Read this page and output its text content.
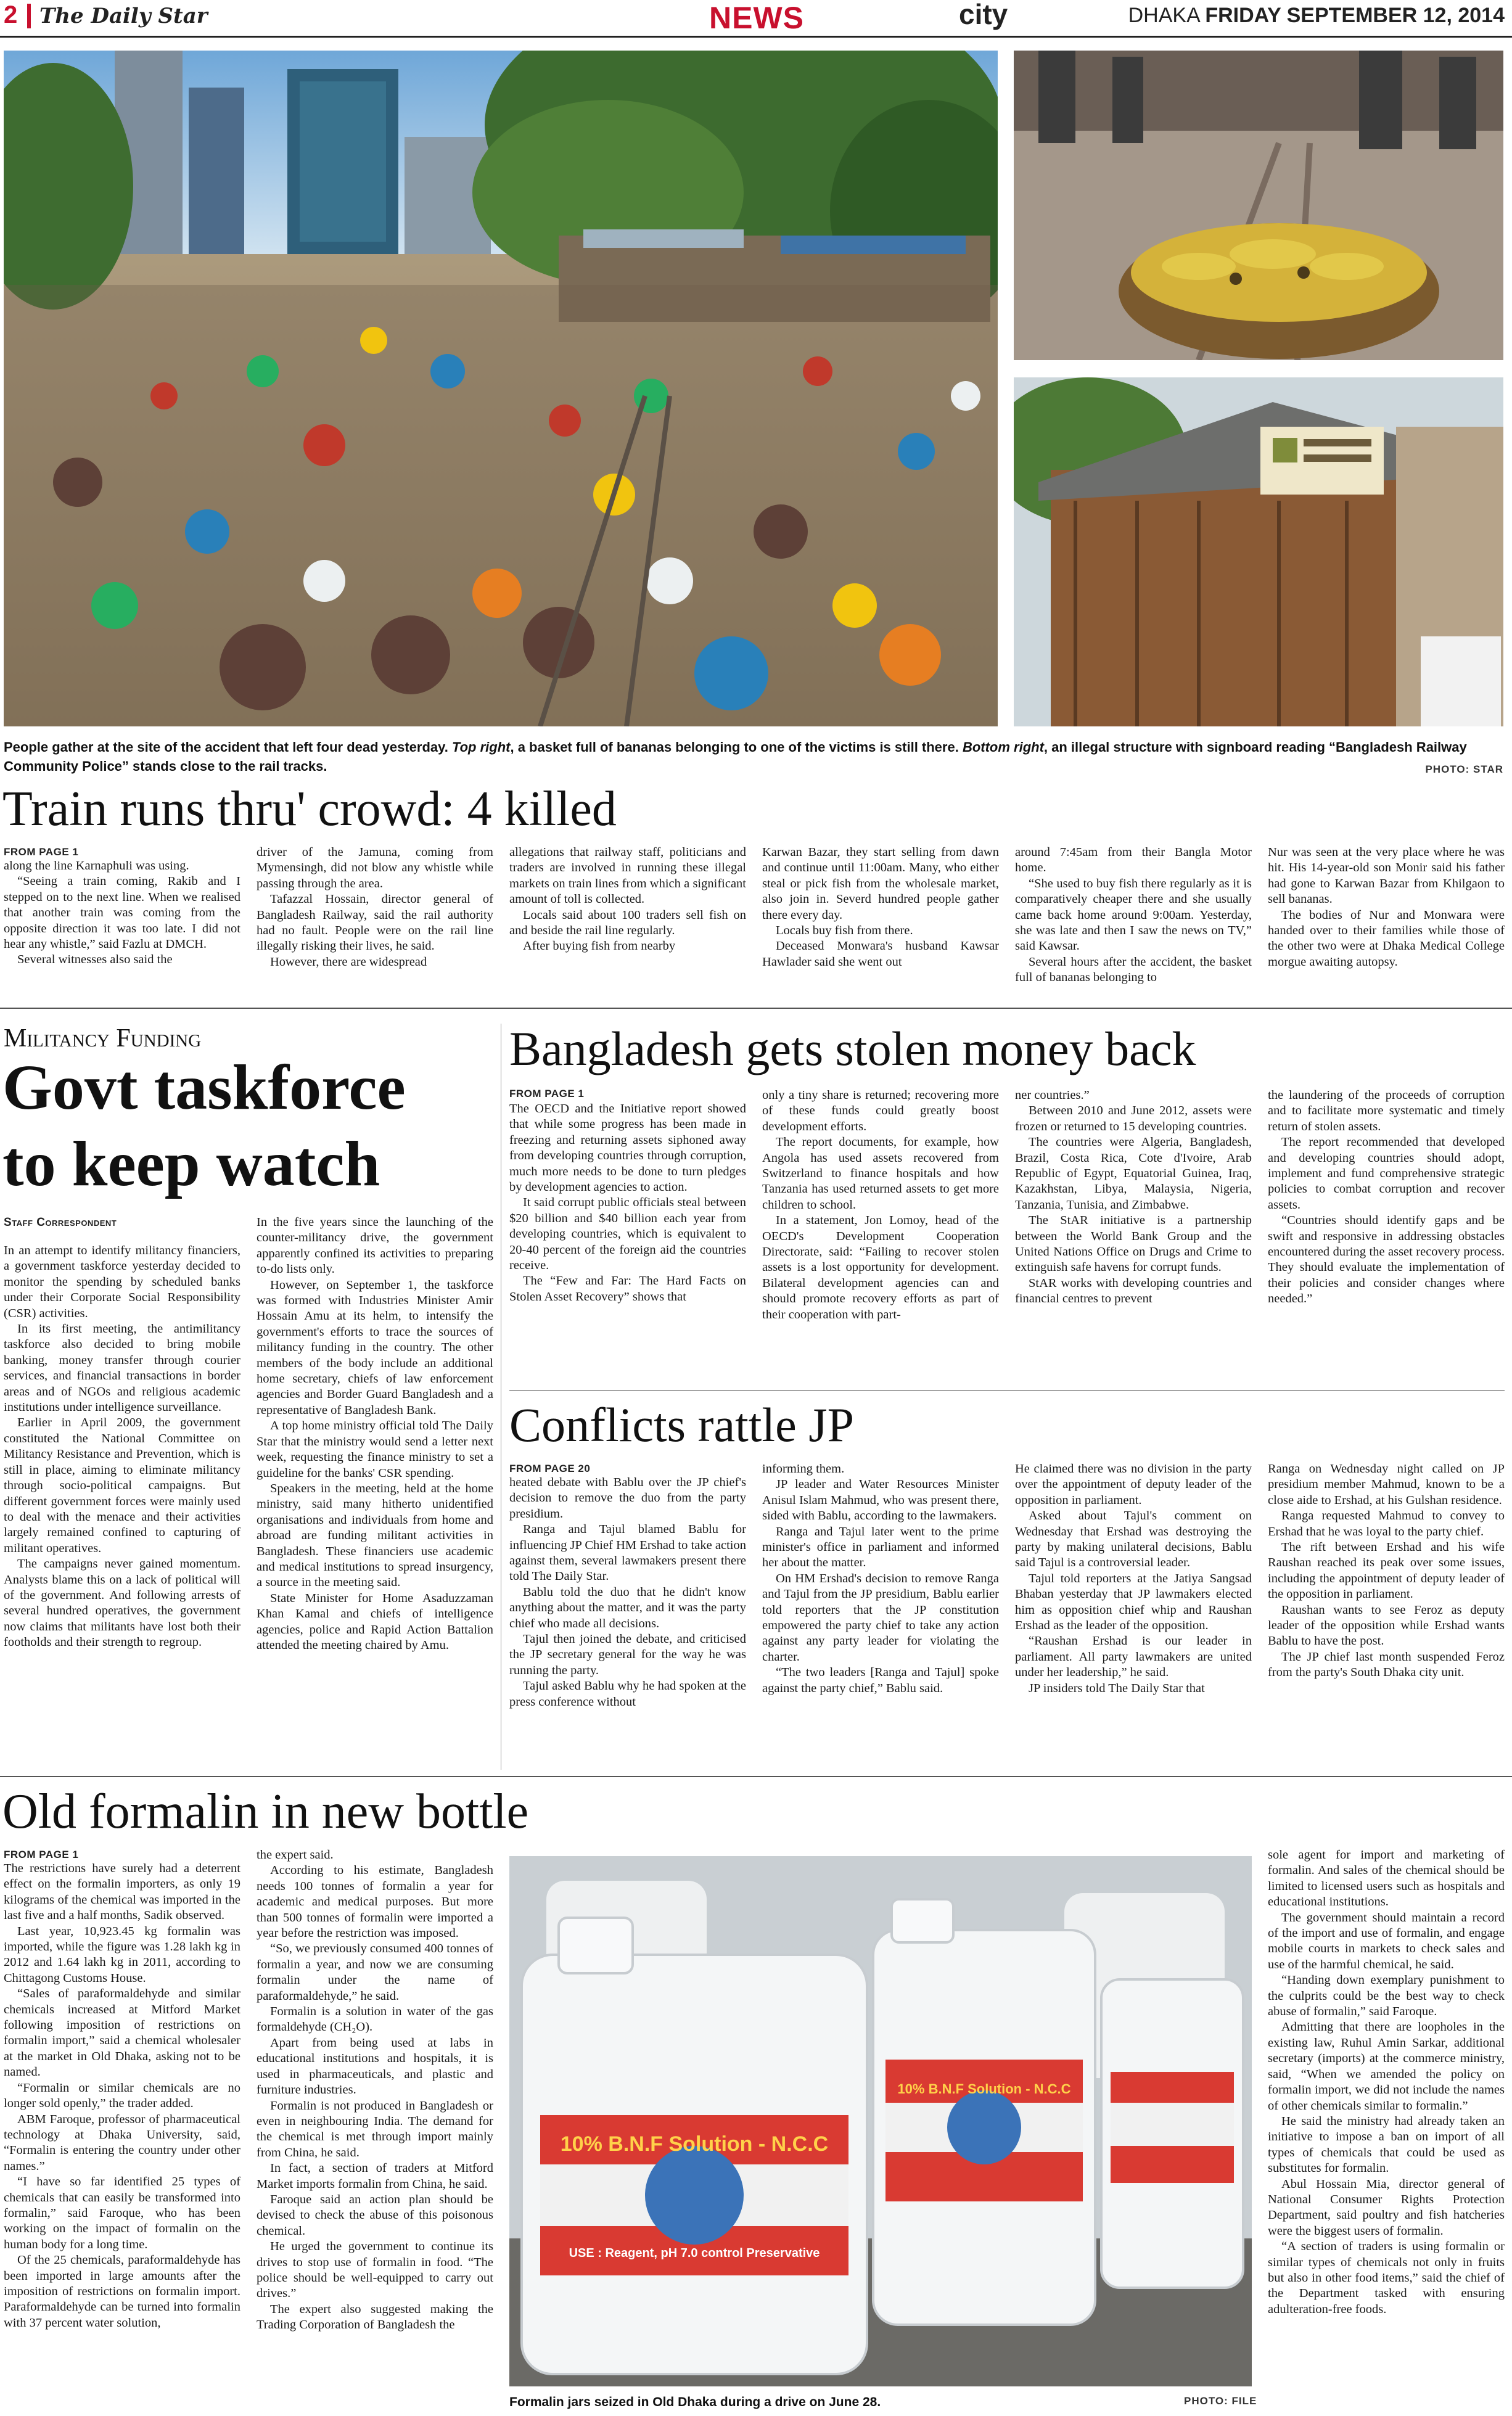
2 The Daily Star	NEWS	city	DHAKA FRIDAY SEPTEMBER 12, 2014
People gather at the site of the accident that left four dead yesterday. Top right, a basket full of bananas belonging to one of the victims is still there. Bottom right, an illegal structure with signboard reading “Bangladesh Railway Community Police” stands close to the rail tracks.	PHOTO: STAR
Train runs thru' crowd: 4 killed
FROM PAGE 1

along the line Karnaphuli was using.

“Seeing a train coming, Rakib and I stepped on to the next line. When we realised that another train was coming from the opposite direction it was too late. I did not hear any whistle,” said Fazlu at DMCH.

Several witnesses also said the

driver of the Jamuna, coming from Mymensingh, did not blow any whistle while passing through the area.

Tafazzal Hossain, director general of Bangladesh Railway, said the rail authority had no fault. People were on the rail line illegally risking their lives, he said.

However, there are widespread

allegations that railway staff, politicians and traders are involved in running these illegal markets on train lines from which a significant amount of toll is collected.

Locals said about 100 traders sell fish on and beside the rail line regularly.

After buying fish from nearby

Karwan Bazar, they start selling from dawn and continue until 11:00am. Many, who either steal or pick fish from the wholesale market, also join in. Severd hundred people gather there every day.

Locals buy fish from there.

Deceased Monwara's husband Kawsar Hawlader said she went out

around 7:45am from their Bangla Motor home.

“She used to buy fish there regularly as it is comparatively cheaper there and she usually came back home around 9:00am. Yesterday, she was late and then I saw the news on TV,” said Kawsar.

Several hours after the accident, the basket full of bananas belonging to

Nur was seen at the very place where he was hit. His 14-year-old son Monir said his father had gone to Karwan Bazar from Khilgaon to sell bananas.

The bodies of Nur and Monwara were handed over to their families while those of the other two were at Dhaka Medical College morgue awaiting autopsy.

Militancy Funding
Govt taskforce
to keep watch
Staff Correspondent

In an attempt to identify militancy financiers, a government taskforce yesterday decided to monitor the spending by scheduled banks under their Corporate Social Responsibility (CSR) activities.

In its first meeting, the antimilitancy taskforce also decided to bring mobile banking, money transfer through courier services, and financial transactions in border areas and of NGOs and religious academic institutions under intelligence surveillance.

Earlier in April 2009, the government constituted the National Committee on Militancy Resistance and Prevention, which is still in place, aiming to eliminate militancy through socio-political campaigns. But different government forces were mainly used to deal with the menace and their activities largely remained confined to capturing of militant operatives.

The campaigns never gained momentum. Analysts blame this on a lack of political will of the government. And following arrests of several hundred operatives, the government now claims that militants have lost both their footholds and their strength to regroup.

In the five years since the launching of the counter-militancy drive, the government apparently confined its activities to preparing to-do lists only.

However, on September 1, the taskforce was formed with Industries Minister Amir Hossain Amu at its helm, to intensify the government's efforts to trace the sources of militancy funding in the country. The other members of the body include an additional home secretary, chiefs of law enforcement agencies and Border Guard Bangladesh and a representative of Bangladesh Bank.

A top home ministry official told The Daily Star that the ministry would send a letter next week, requesting the finance ministry to set a guideline for the banks' CSR spending.

Speakers in the meeting, held at the home ministry, said many hitherto unidentified organisations and individuals from home and abroad are funding militant activities in Bangladesh. These financiers use academic and medical institutions to spread insurgency, a source in the meeting said.

State Minister for Home Asaduzzaman Khan Kamal and chiefs of intelligence agencies, police and Rapid Action Battalion attended the meeting chaired by Amu.

Bangladesh gets stolen money back
FROM PAGE 1

The OECD and the Initiative report showed that while some progress has been made in freezing and returning assets siphoned away from developing countries through corruption, much more needs to be done to turn pledges by development agencies to action.

It said corrupt public officials steal between $20 billion and $40 billion each year from developing countries, which is equivalent to 20-40 percent of the foreign aid the countries receive.

The “Few and Far: The Hard Facts on Stolen Asset Recovery” shows that

only a tiny share is returned; recovering more of these funds could greatly boost development efforts.

The report documents, for example, how Angola has used assets recovered from Switzerland to finance hospitals and how Tanzania has used returned assets to get more children to school.

In a statement, Jon Lomoy, head of the OECD's Development Cooperation Directorate, said: “Failing to recover stolen assets is a lost opportunity for development. Bilateral development agencies can and should promote recovery efforts as part of their cooperation with part-

ner countries.”

Between 2010 and June 2012, assets were frozen or returned to 15 developing countries.

The countries were Algeria, Bangladesh, Brazil, Costa Rica, Cote d'Ivoire, Arab Republic of Egypt, Equatorial Guinea, Iraq, Kazakhstan, Libya, Malaysia, Nigeria, Tanzania, Tunisia, and Zimbabwe.

The StAR initiative is a partnership between the World Bank Group and the United Nations Office on Drugs and Crime to extinguish safe havens for corrupt funds.

StAR works with developing countries and financial centres to prevent

the laundering of the proceeds of corruption and to facilitate more systematic and timely return of stolen assets.

The report recommended that developed and developing countries should adopt, implement and fund comprehensive strategic policies to combat corruption and recover assets.

“Countries should identify gaps and be swift and responsive in addressing obstacles encountered during the asset recovery process. They should evaluate the implementation of their policies and consider changes where needed.”

Conflicts rattle JP
FROM PAGE 20

heated debate with Bablu over the JP chief's decision to remove the duo from the party presidium.

Ranga and Tajul blamed Bablu for influencing JP Chief HM Ershad to take action against them, several lawmakers present there told The Daily Star.

Bablu told the duo that he didn't know anything about the matter, and it was the party chief who made all decisions.

Tajul then joined the debate, and criticised the JP secretary general for the way he was running the party.

Tajul asked Bablu why he had spoken at the press conference without

informing them.

JP leader and Water Resources Minister Anisul Islam Mahmud, who was present there, sided with Bablu, according to the lawmakers.

Ranga and Tajul later went to the prime minister's office in parliament and informed her about the matter.

On HM Ershad's decision to remove Ranga and Tajul from the JP presidium, Bablu earlier told reporters that the JP constitution empowered the party chief to take any action against any party leader for violating the charter.

“The two leaders [Ranga and Tajul] spoke against the party chief,” Bablu said.

He claimed there was no division in the party over the appointment of deputy leader of the opposition in parliament.

Asked about Tajul's comment on Wednesday that Ershad was destroying the party by making unilateral decisions, Bablu said Tajul is a controversial leader.

Tajul told reporters at the Jatiya Sangsad Bhaban yesterday that JP lawmakers elected him as opposition chief whip and Raushan Ershad as the leader of the opposition.

“Raushan Ershad is our leader in parliament. All party lawmakers are united under her leadership,” he said.

JP insiders told The Daily Star that

Ranga on Wednesday night called on JP presidium member Mahmud, known to be a close aide to Ershad, at his Gulshan residence.

Ranga requested Mahmud to convey to Ershad that he was loyal to the party chief.

The rift between Ershad and his wife Raushan reached its peak over some issues, including the appointment of deputy leader of the opposition in parliament.

Raushan wants to see Feroz as deputy leader of the opposition while Ershad wants Bablu to have the post.

The JP chief last month suspended Feroz from the party's South Dhaka city unit.

Old formalin in new bottle
FROM PAGE 1

The restrictions have surely had a deterrent effect on the formalin importers, as only 19 kilograms of the chemical was imported in the last five and a half months, Sadik observed.

Last year, 10,923.45 kg formalin was imported, while the figure was 1.28 lakh kg in 2012 and 1.64 lakh kg in 2011, according to Chittagong Customs House.

“Sales of paraformaldehyde and similar chemicals increased at Mitford Market following imposition of restrictions on formalin import,” said a chemical wholesaler at the market in Old Dhaka, asking not to be named.

“Formalin or similar chemicals are no longer sold openly,” the trader added.

ABM Faroque, professor of pharmaceutical technology at Dhaka University, said, “Formalin is entering the country under other names.”

“I have so far identified 25 types of chemicals that can easily be transformed into formalin,” said Faroque, who has been working on the impact of formalin on the human body for a long time.

Of the 25 chemicals, paraformaldehyde has been imported in large amounts after the imposition of restrictions on formalin import. Paraformaldehyde can be turned into formalin with 37 percent water solution,

the expert said.

According to his estimate, Bangladesh needs 100 tonnes of formalin a year for academic and medical purposes. But more than 500 tonnes of formalin were imported a year before the restriction was imposed.

“So, we previously consumed 400 tonnes of formalin a year, and now we are consuming formalin under the name of paraformaldehyde,” he said.

Formalin is a solution in water of the gas formaldehyde (CH₂O).

Apart from being used at labs in educational institutions and hospitals, it is used in pharmaceuticals, and plastic and furniture industries.

Formalin is not produced in Bangladesh or even in neighbouring India. The demand for the chemical is met through import mainly from China, he said.

In fact, a section of traders at Mitford Market imports formalin from China, he said.

Faroque said an action plan should be devised to check the abuse of this poisonous chemical.

He urged the government to continue its drives to stop use of formalin in food. “The police should be well-equipped to carry out drives.”

The expert also suggested making the Trading Corporation of Bangladesh the

sole agent for import and marketing of formalin. And sales of the chemical should be limited to licensed users such as hospitals and educational institutions.

The government should maintain a record of the import and use of formalin, and engage mobile courts in markets to check sales and use of the harmful chemical, he said.

“Handing down exemplary punishment to the culprits could be the best way to check abuse of formalin,” said Faroque.

Admitting that there are loopholes in the existing law, Ruhul Amin Sarkar, additional secretary (imports) at the commerce ministry, said, “When we amended the policy on formalin import, we did not include the names of other chemicals similar to formalin.”

He said the ministry had already taken an initiative to impose a ban on import of all types of chemicals that could be used as substitutes for formalin.

Abul Hossain Mia, director general of National Consumer Rights Protection Department, said poultry and fish hatcheries were the biggest users of formalin.

“A section of traders is using formalin or similar types of chemicals not only in fruits but also in other food items,” said the chief of the Department tasked with ensuring adulteration-free foods.

10% B.N.F Solution - N.C.C
USE : Reagent, pH 7.0 control Preservative
10% B.N.F Solution - N.C.C
Formalin jars seized in Old Dhaka during a drive on June 28.	PHOTO: FILE
